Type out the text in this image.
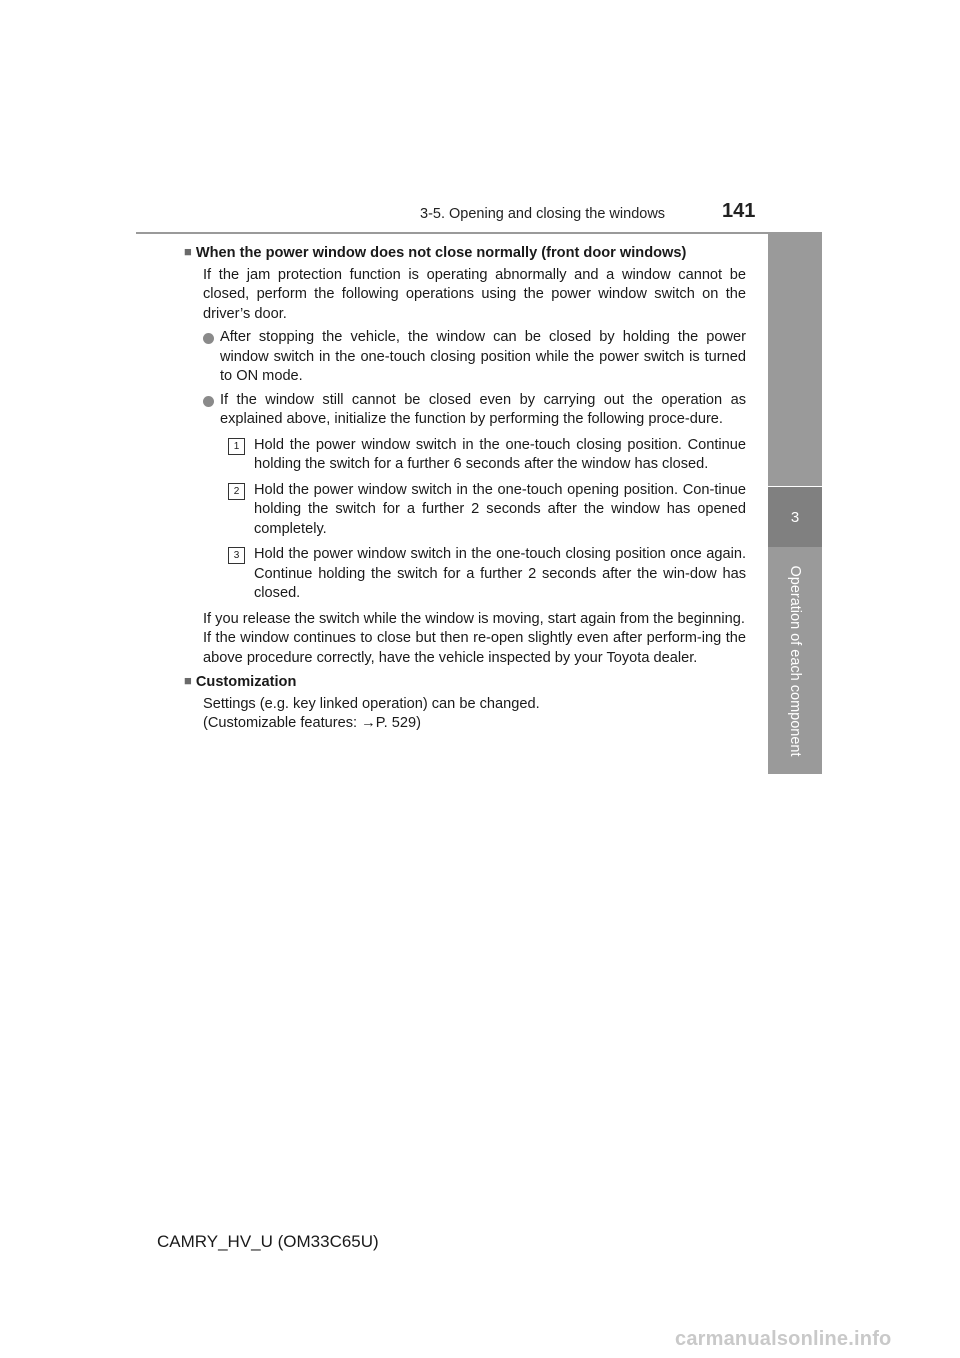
3-5. Opening and closing the windows	141
3
Operation of each component
■ When the power window does not close normally (front door windows)

If the jam protection function is operating abnormally and a window cannot be closed, perform the following operations using the power window switch on the driver’s door.

After stopping the vehicle, the window can be closed by holding the power window switch in the one-touch closing position while the power switch is turned to ON mode.
If the window still cannot be closed even by carrying out the operation as explained above, initialize the function by performing the following proce-dure.
1	Hold the power window switch in the one-touch closing position. Continue holding the switch for a further 6 seconds after the window has closed.
2	Hold the power window switch in the one-touch opening position. Con-tinue holding the switch for a further 2 seconds after the window has opened completely.
3	Hold the power window switch in the one-touch closing position once again. Continue holding the switch for a further 2 seconds after the win-dow has closed.

If you release the switch while the window is moving, start again from the beginning.

If the window continues to close but then re-open slightly even after perform-ing the above procedure correctly, have the vehicle inspected by your Toyota dealer.

■ Customization

Settings (e.g. key linked operation) can be changed.

(Customizable features: →P. 529)

CAMRY_HV_U (OM33C65U)
carmanualsonline.info
